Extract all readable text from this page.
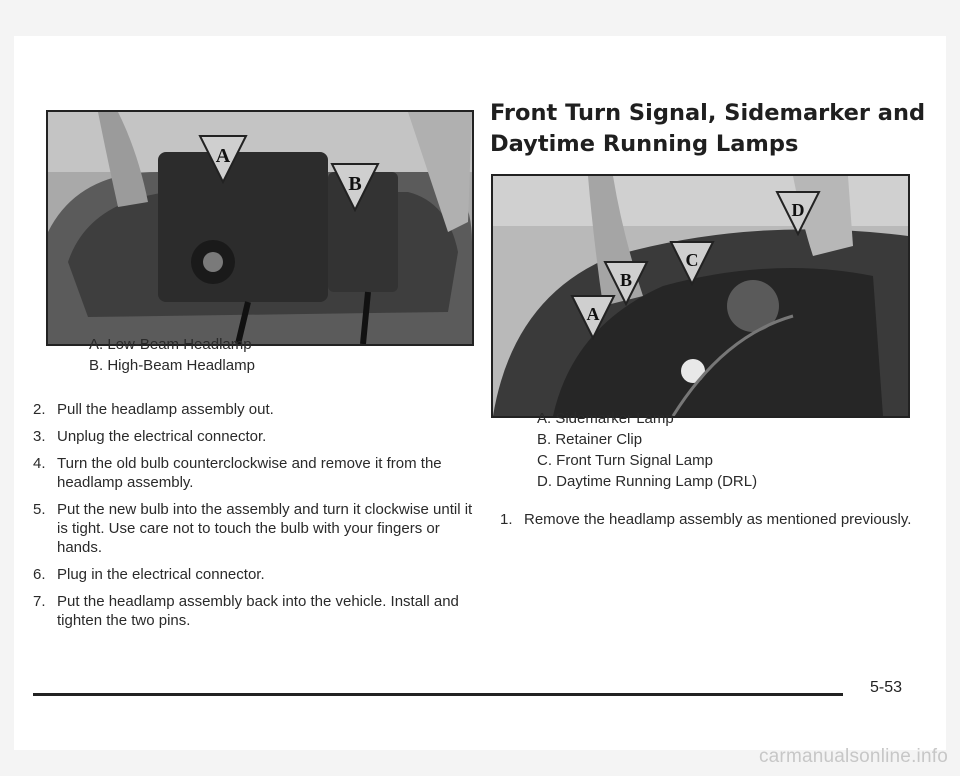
A
B
A. Low-Beam Headlamp
B. High-Beam Headlamp
2. Pull the headlamp assembly out.
3. Unplug the electrical connector.
4. Turn the old bulb counterclockwise and remove it from the headlamp assembly.
5. Put the new bulb into the assembly and turn it clockwise until it is tight. Use care not to touch the bulb with your fingers or hands.
6. Plug in the electrical connector.
7. Put the headlamp assembly back into the vehicle. Install and tighten the two pins.
Front Turn Signal, Sidemarker and Daytime Running Lamps
A
B
C
D
A. Sidemarker Lamp
B. Retainer Clip
C. Front Turn Signal Lamp
D. Daytime Running Lamp (DRL)
1. Remove the headlamp assembly as mentioned previously.
5-53
carmanualsonline.info
